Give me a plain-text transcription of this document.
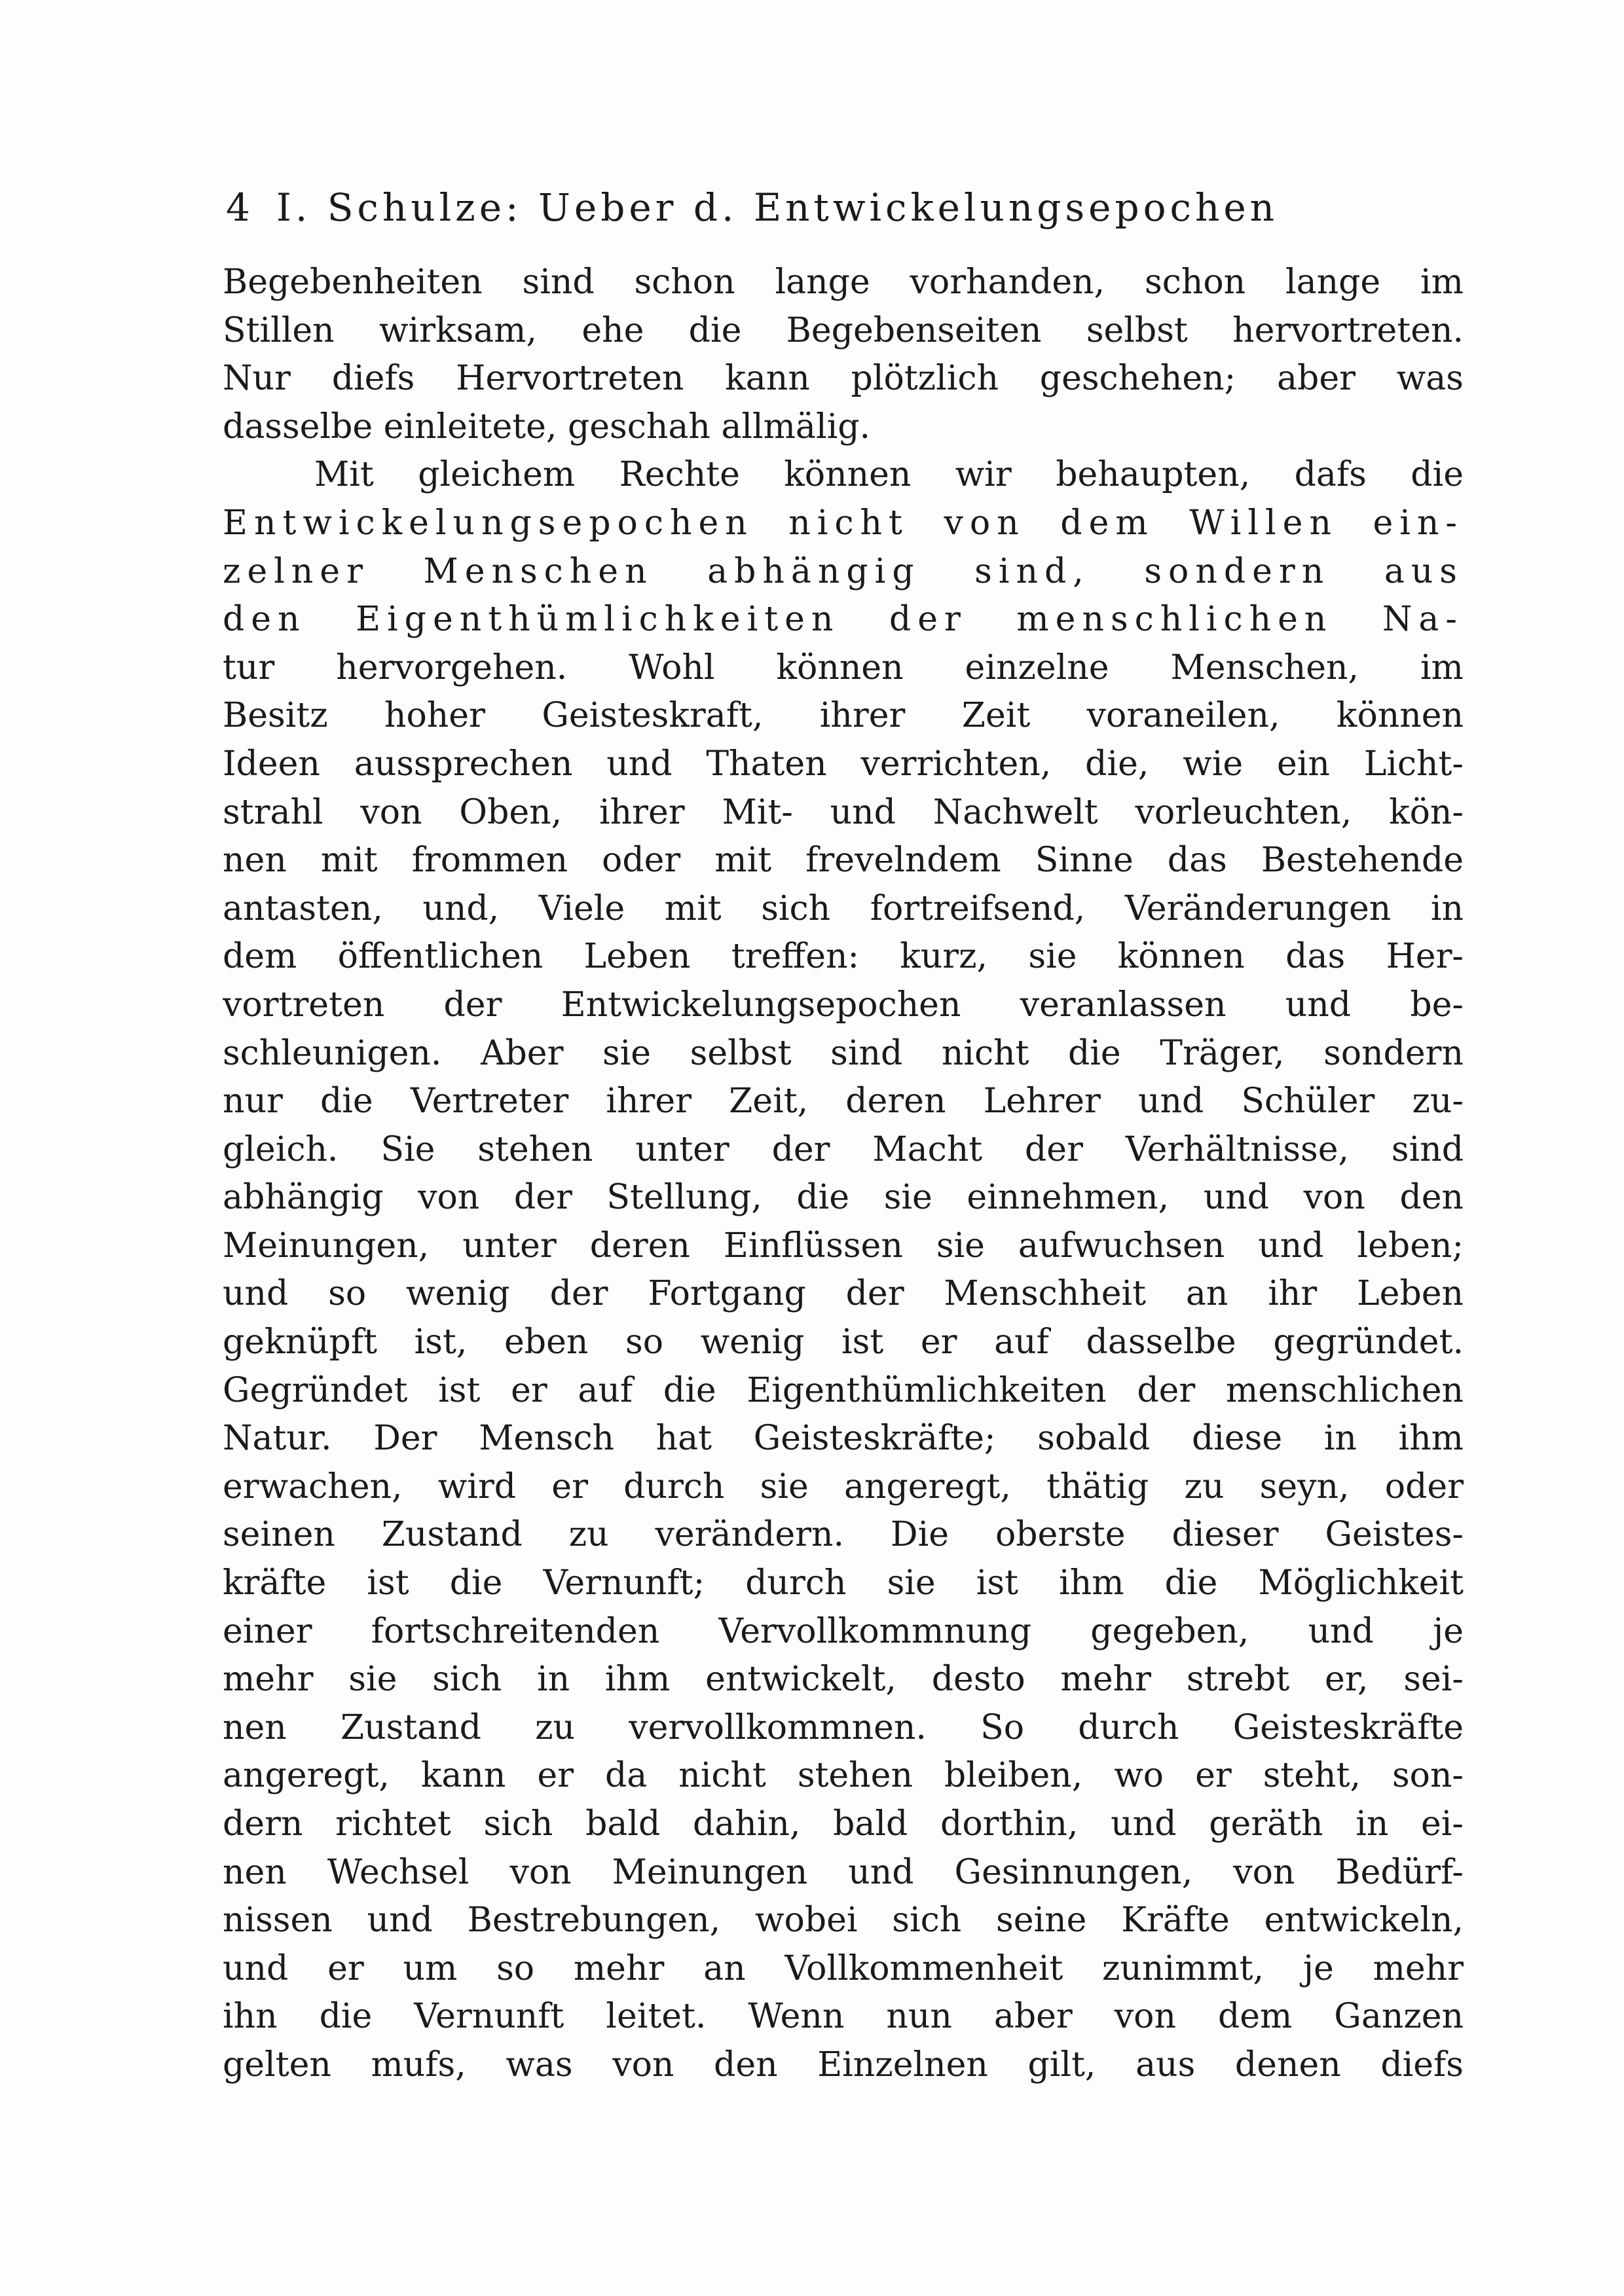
4 I. Schulze: Ueber d. Entwickelungsepochen
Begebenheiten sind schon lange vorhanden, schon lange im
Stillen wirksam, ehe die Begebenseiten selbst hervortreten.
Nur diefs Hervortreten kann plötzlich geschehen; aber was
dasselbe einleitete, geschah allmälig.
Mit gleichem Rechte können wir behaupten, dafs die
Entwickelungsepochen nicht von dem Willen ein-
zelner Menschen abhängig sind, sondern aus
den Eigenthümlichkeiten der menschlichen Na-
tur hervorgehen. Wohl können einzelne Menschen, im
Besitz hoher Geisteskraft, ihrer Zeit voraneilen, können
Ideen aussprechen und Thaten verrichten, die, wie ein Licht-
strahl von Oben, ihrer Mit- und Nachwelt vorleuchten, kön-
nen mit frommen oder mit frevelndem Sinne das Bestehende
antasten, und, Viele mit sich fortreifsend, Veränderungen in
dem öffentlichen Leben treffen: kurz, sie können das Her-
vortreten der Entwickelungsepochen veranlassen und be-
schleunigen. Aber sie selbst sind nicht die Träger, sondern
nur die Vertreter ihrer Zeit, deren Lehrer und Schüler zu-
gleich. Sie stehen unter der Macht der Verhältnisse, sind
abhängig von der Stellung, die sie einnehmen, und von den
Meinungen, unter deren Einflüssen sie aufwuchsen und leben;
und so wenig der Fortgang der Menschheit an ihr Leben
geknüpft ist, eben so wenig ist er auf dasselbe gegründet.
Gegründet ist er auf die Eigenthümlichkeiten der menschlichen
Natur. Der Mensch hat Geisteskräfte; sobald diese in ihm
erwachen, wird er durch sie angeregt, thätig zu seyn, oder
seinen Zustand zu verändern. Die oberste dieser Geistes-
kräfte ist die Vernunft; durch sie ist ihm die Möglichkeit
einer fortschreitenden Vervollkommnung gegeben, und je
mehr sie sich in ihm entwickelt, desto mehr strebt er, sei-
nen Zustand zu vervollkommnen. So durch Geisteskräfte
angeregt, kann er da nicht stehen bleiben, wo er steht, son-
dern richtet sich bald dahin, bald dorthin, und geräth in ei-
nen Wechsel von Meinungen und Gesinnungen, von Bedürf-
nissen und Bestrebungen, wobei sich seine Kräfte entwickeln,
und er um so mehr an Vollkommenheit zunimmt, je mehr
ihn die Vernunft leitet. Wenn nun aber von dem Ganzen
gelten mufs, was von den Einzelnen gilt, aus denen diefs
